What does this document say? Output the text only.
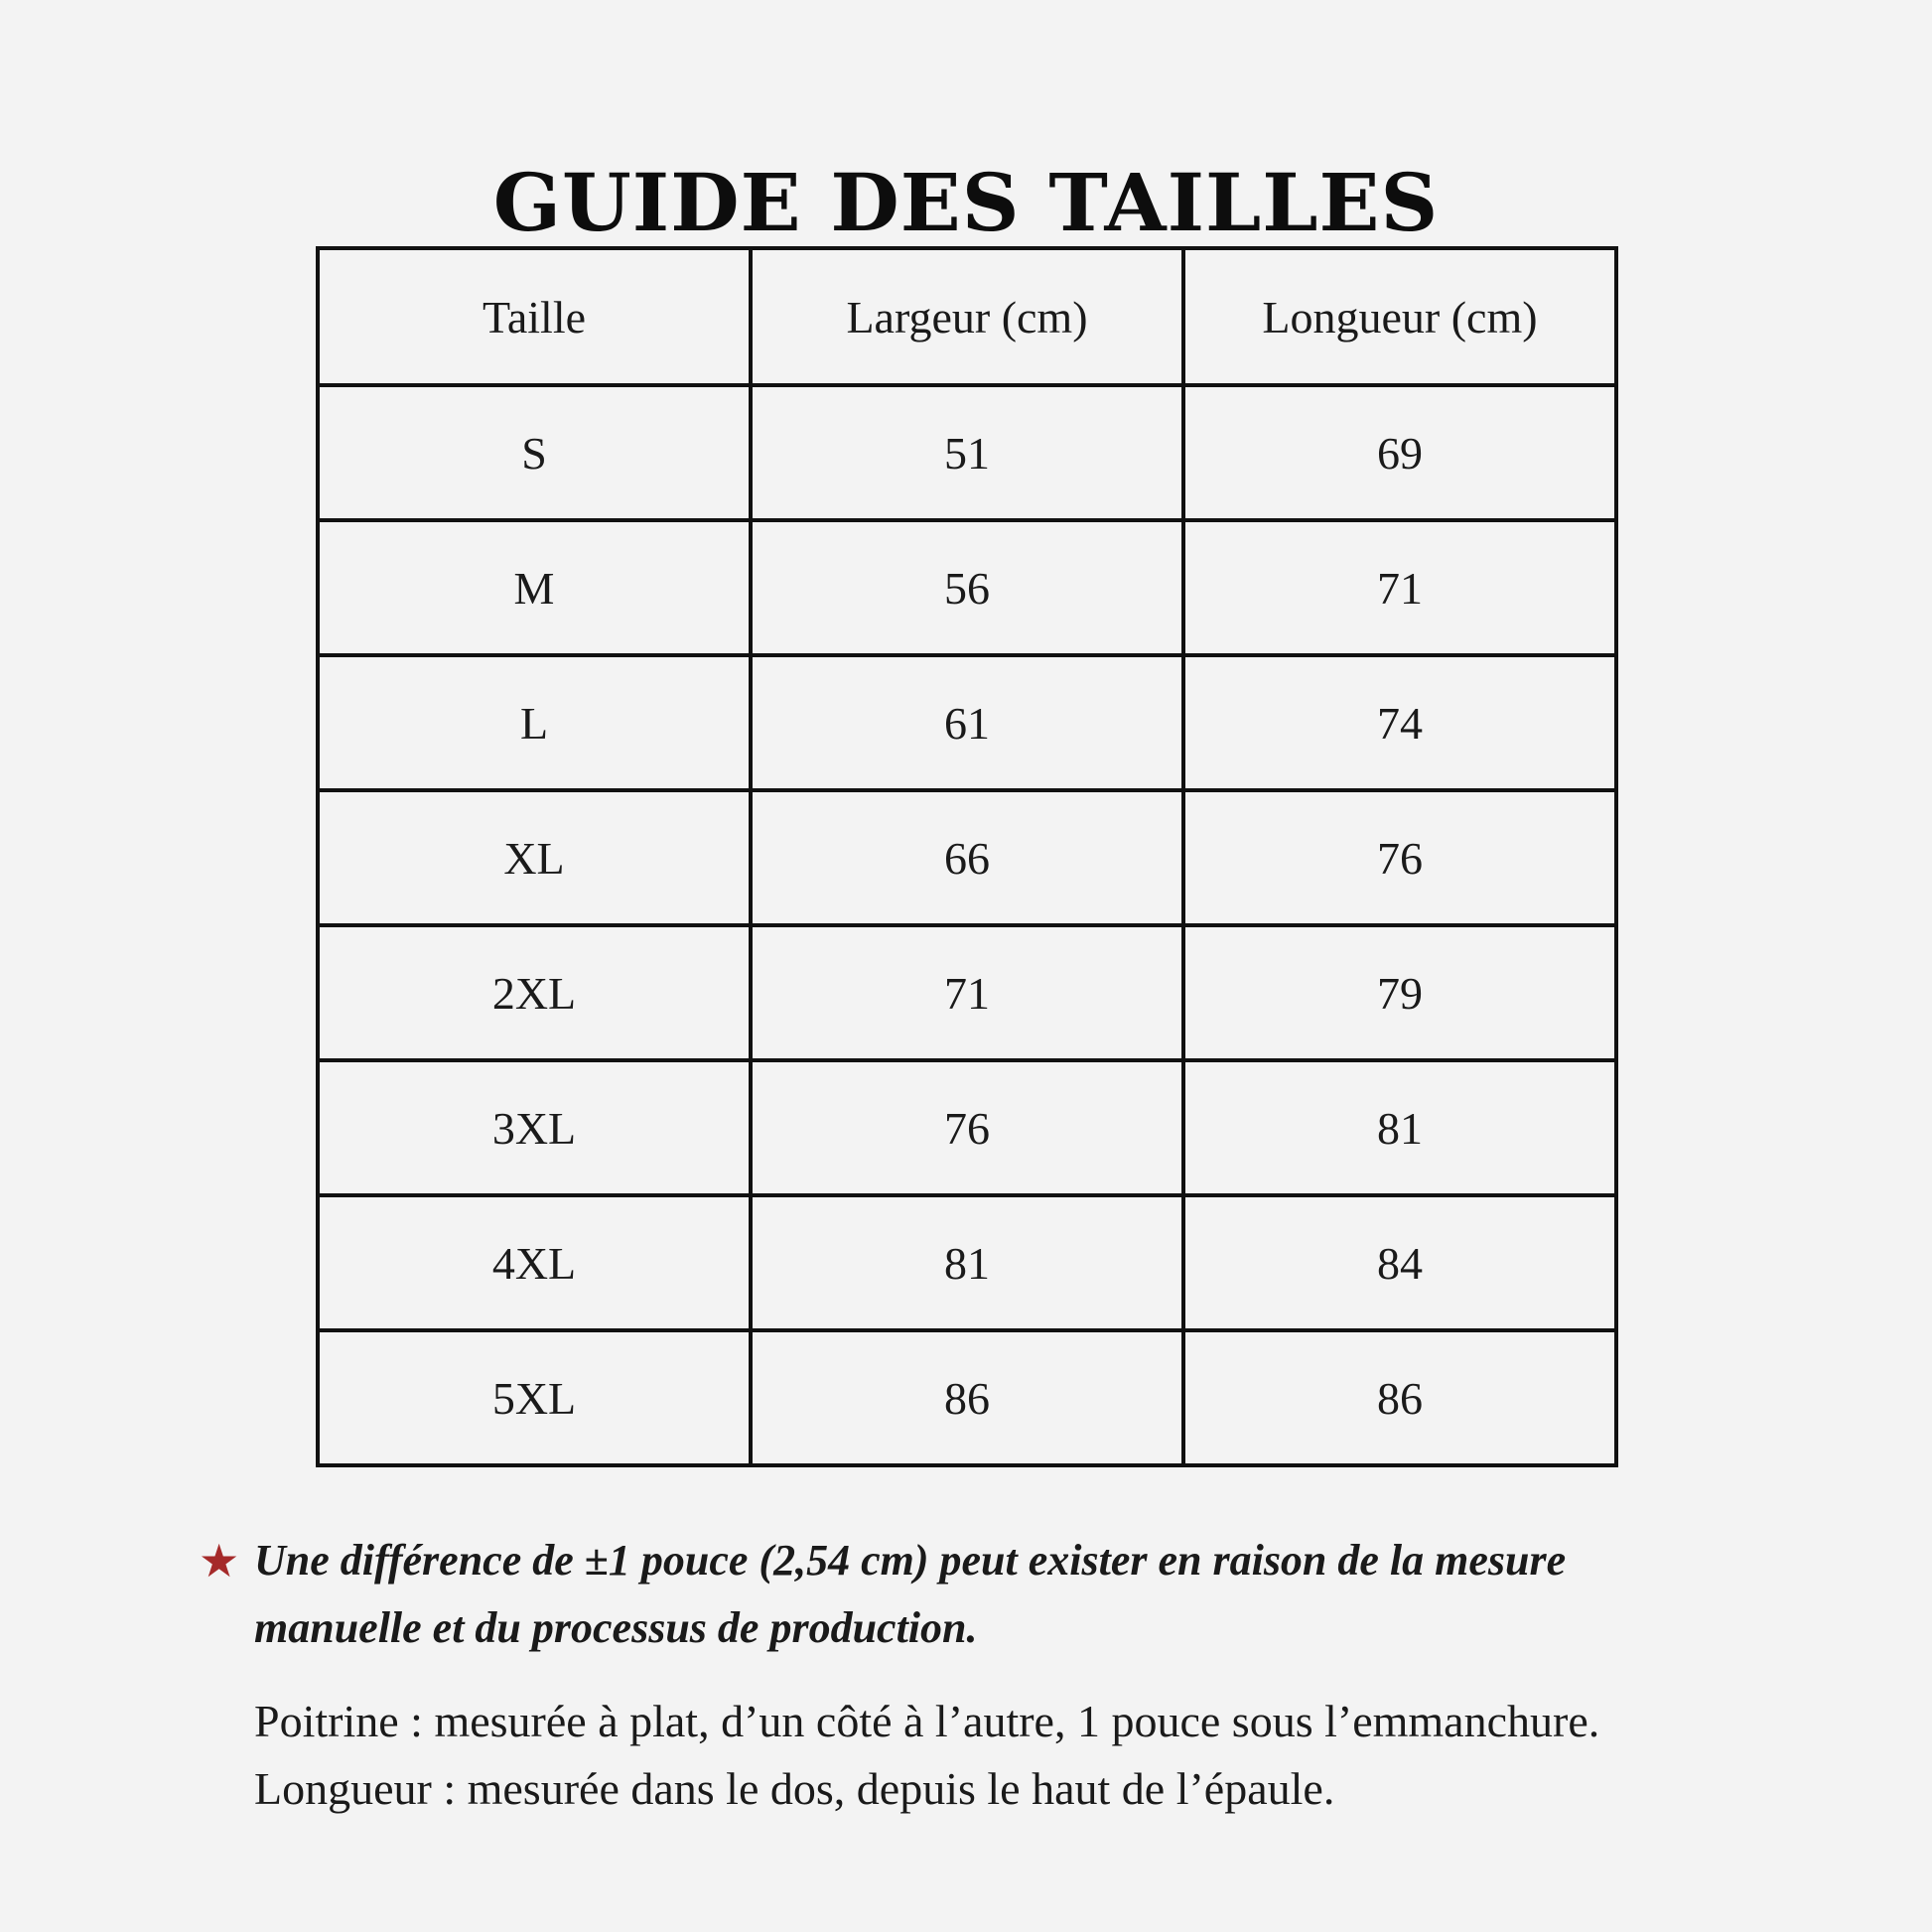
GUIDE DES TAILLES
Taille	Largeur (cm)	Longueur (cm)
S	51	69
M	56	71
L	61	74
XL	66	76
2XL	71	79
3XL	76	81
4XL	81	84
5XL	86	86
★ Une différence de ±1 pouce (2,54 cm) peut exister en raison de la mesure manuelle et du processus de production.
Poitrine : mesurée à plat, d’un côté à l’autre, 1 pouce sous l’emmanchure.
Longueur : mesurée dans le dos, depuis le haut de l’épaule.
